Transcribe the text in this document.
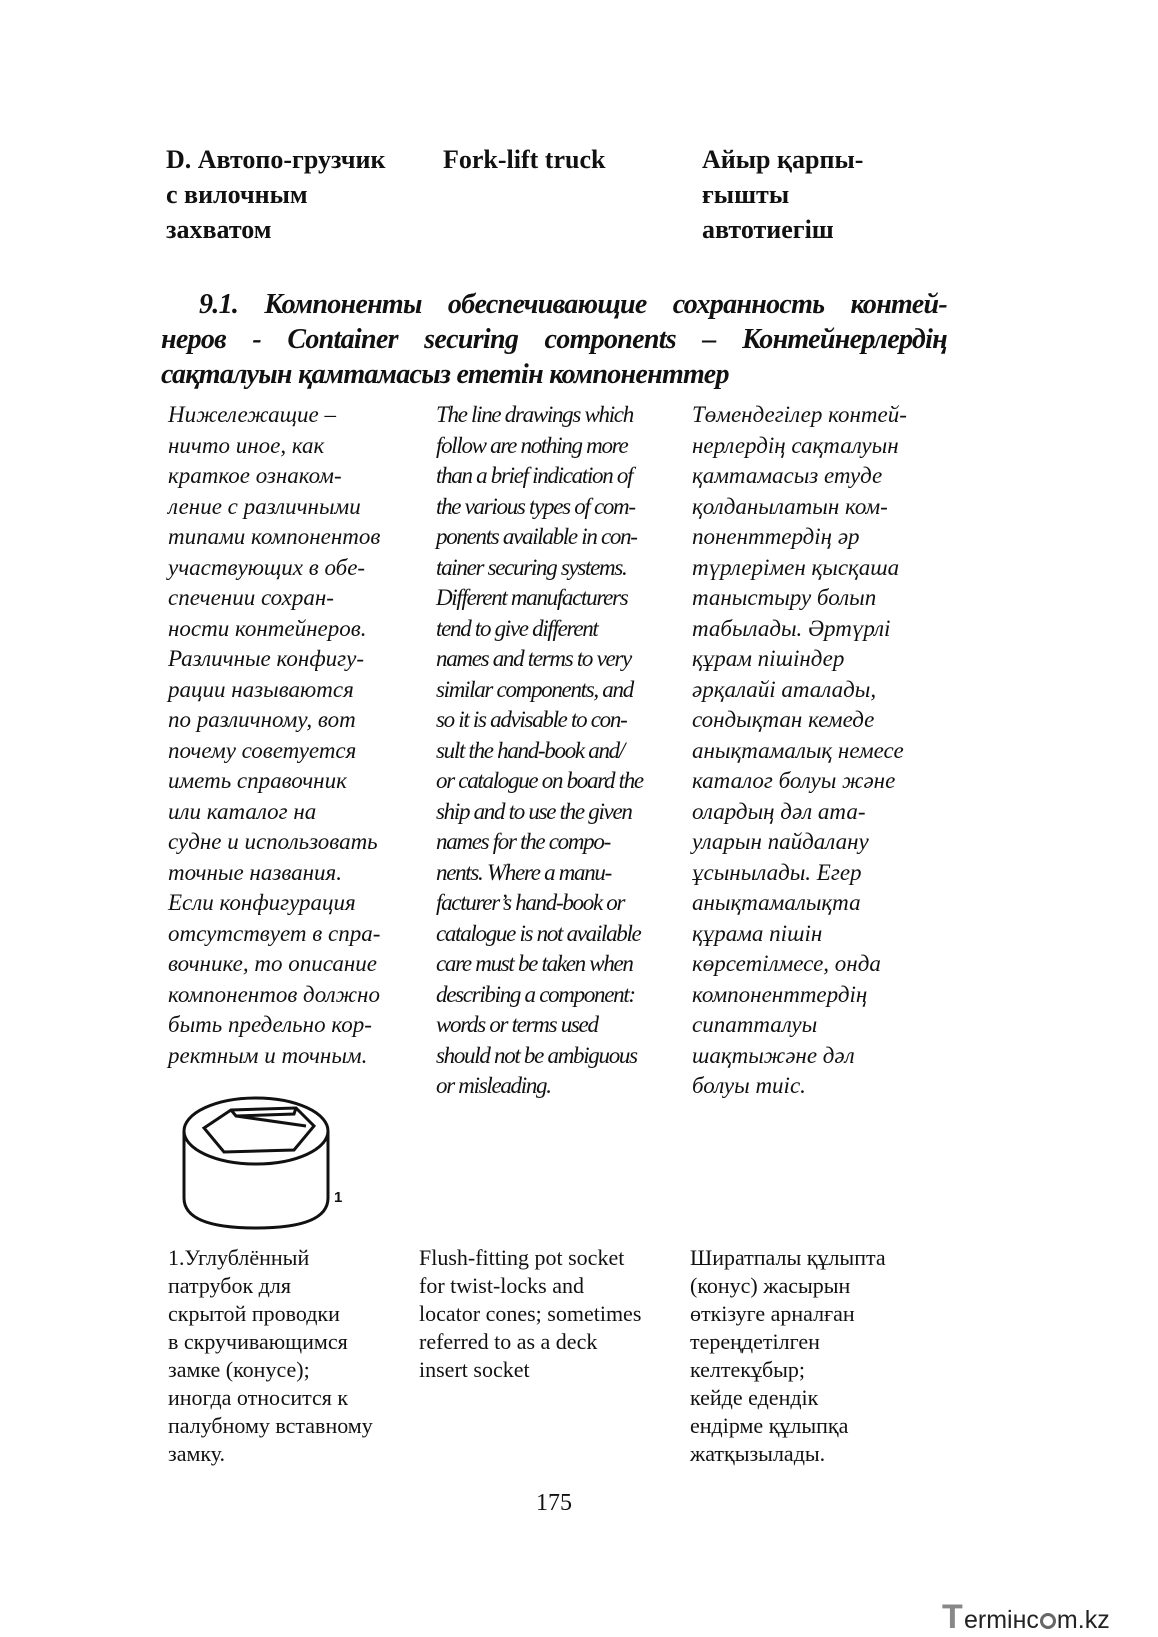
D. Автопо-грузчик
с вилочным
захватом
Fork-lift truck	Айыр қарпы-
ғышты
автотиегіш
9.1. Компоненты обеспечивающие сохранность контей-
неров - Container securing components – Контейнерлердің
сақталуын қамтамасыз ететін компоненттер
Нижележащие –
ничто иное, как
краткое ознаком-
ление с различными
типами компонентов
участвующих в обе-
спечении сохран-
ности контейнеров.
Различные конфигу-
рации называются
по различному, вот
почему советуется
иметь справочник
или каталог на
судне и использовать
точные названия.
Если конфигурация
отсутствует в спра-
вочнике, то описание
компонентов должно
быть предельно кор-
ректным и точным.
The line drawings which
follow are nothing more
than a brief indication of
the various types of com-
ponents available in con-
tainer securing systems.
Different manufacturers
tend to give different
names and terms to very
similar components, and
so it is advisable to con-
sult the hand-book and/
or catalogue on board the
ship and to use the given
names for the compo-
nents. Where a manu-
facturer’s hand-book or
catalogue is not available
care must be taken when
describing a component:
words or terms used
should not be ambiguous
or misleading.
Төмендегілер контей-
нерлердің сақталуын
қамтамасыз етуде
қолданылатын ком-
поненттердің әр
түрлерімен қысқаша
таныстыру болып
табылады. Әртүрлі
құрам пішіндер
әрқалайі аталады,
сондықтан кемеде
анықтамалық немесе
каталог болуы және
олардың дәл ата-
уларын пайдалану
ұсынылады. Егер
анықтамалықта
құрама пішін
көрсетілмесе, онда
компоненттердің
сипатталуы
шақтыжәне дәл
болуы тиіс.
1
1.Углублённый
патрубок для
скрытой проводки
в скручивающимся
замке (конусе);
иногда относится к
палубному вставному
замку.
Flush-fitting pot socket
for twist-locks and
locator cones; sometimes
referred to as a deck
insert socket
Ширатпалы құлыпта
(конус) жасырын
өткізуге арналған
тереңдетілген
келтекұбыр;
кейде едендік
ендірме құлыпқа
жатқызылады.
175
T ermінc m.kz
